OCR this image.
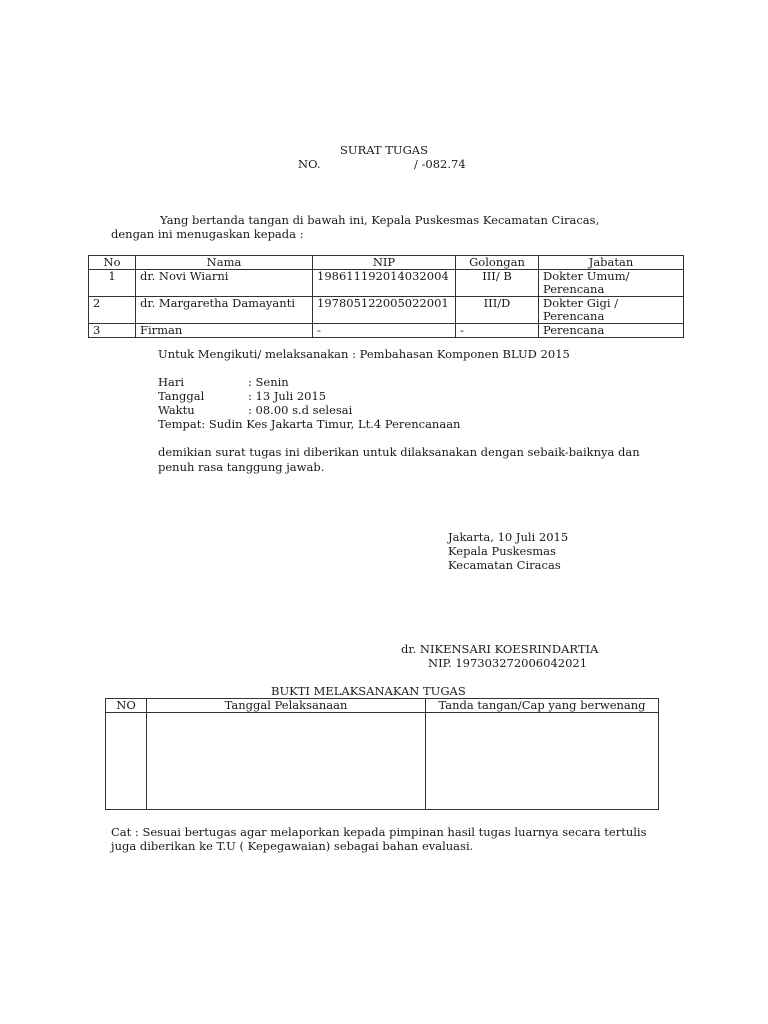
SURAT TUGAS
NO.	/ -082.74
Yang bertanda tangan di bawah ini, Kepala Puskesmas Kecamatan Ciracas,
dengan ini menugaskan kepada :
No	Nama	NIP	Golongan	Jabatan
1	dr. Novi Wiarni	198611192014032004	III/ B	Dokter Umum/
Perencana

2	dr. Margaretha Damayanti	197805122005022001	III/D	Dokter Gigi /
Perencana

3	Firman	-	-	Perencana
Untuk Mengikuti/ melaksanakan : Pembahasan Komponen BLUD 2015
Hari	: Senin
Tanggal	: 13 Juli 2015
Waktu	: 08.00 s.d selesai
Tempat: Sudin Kes Jakarta Timur, Lt.4 Perencanaan
demikian surat tugas ini diberikan untuk dilaksanakan dengan sebaik-baiknya dan
penuh rasa tanggung jawab.
Jakarta, 10 Juli 2015
Kepala Puskesmas
Kecamatan Ciracas
dr. NIKENSARI KOESRINDARTIA
NIP. 197303272006042021
BUKTI MELAKSANAKAN TUGAS
NO	Tanggal Pelaksanaan	Tanda tangan/Cap yang berwenang

Cat : Sesuai bertugas agar melaporkan kepada pimpinan hasil tugas luarnya secara tertulis
juga diberikan ke T.U ( Kepegawaian) sebagai bahan evaluasi.
